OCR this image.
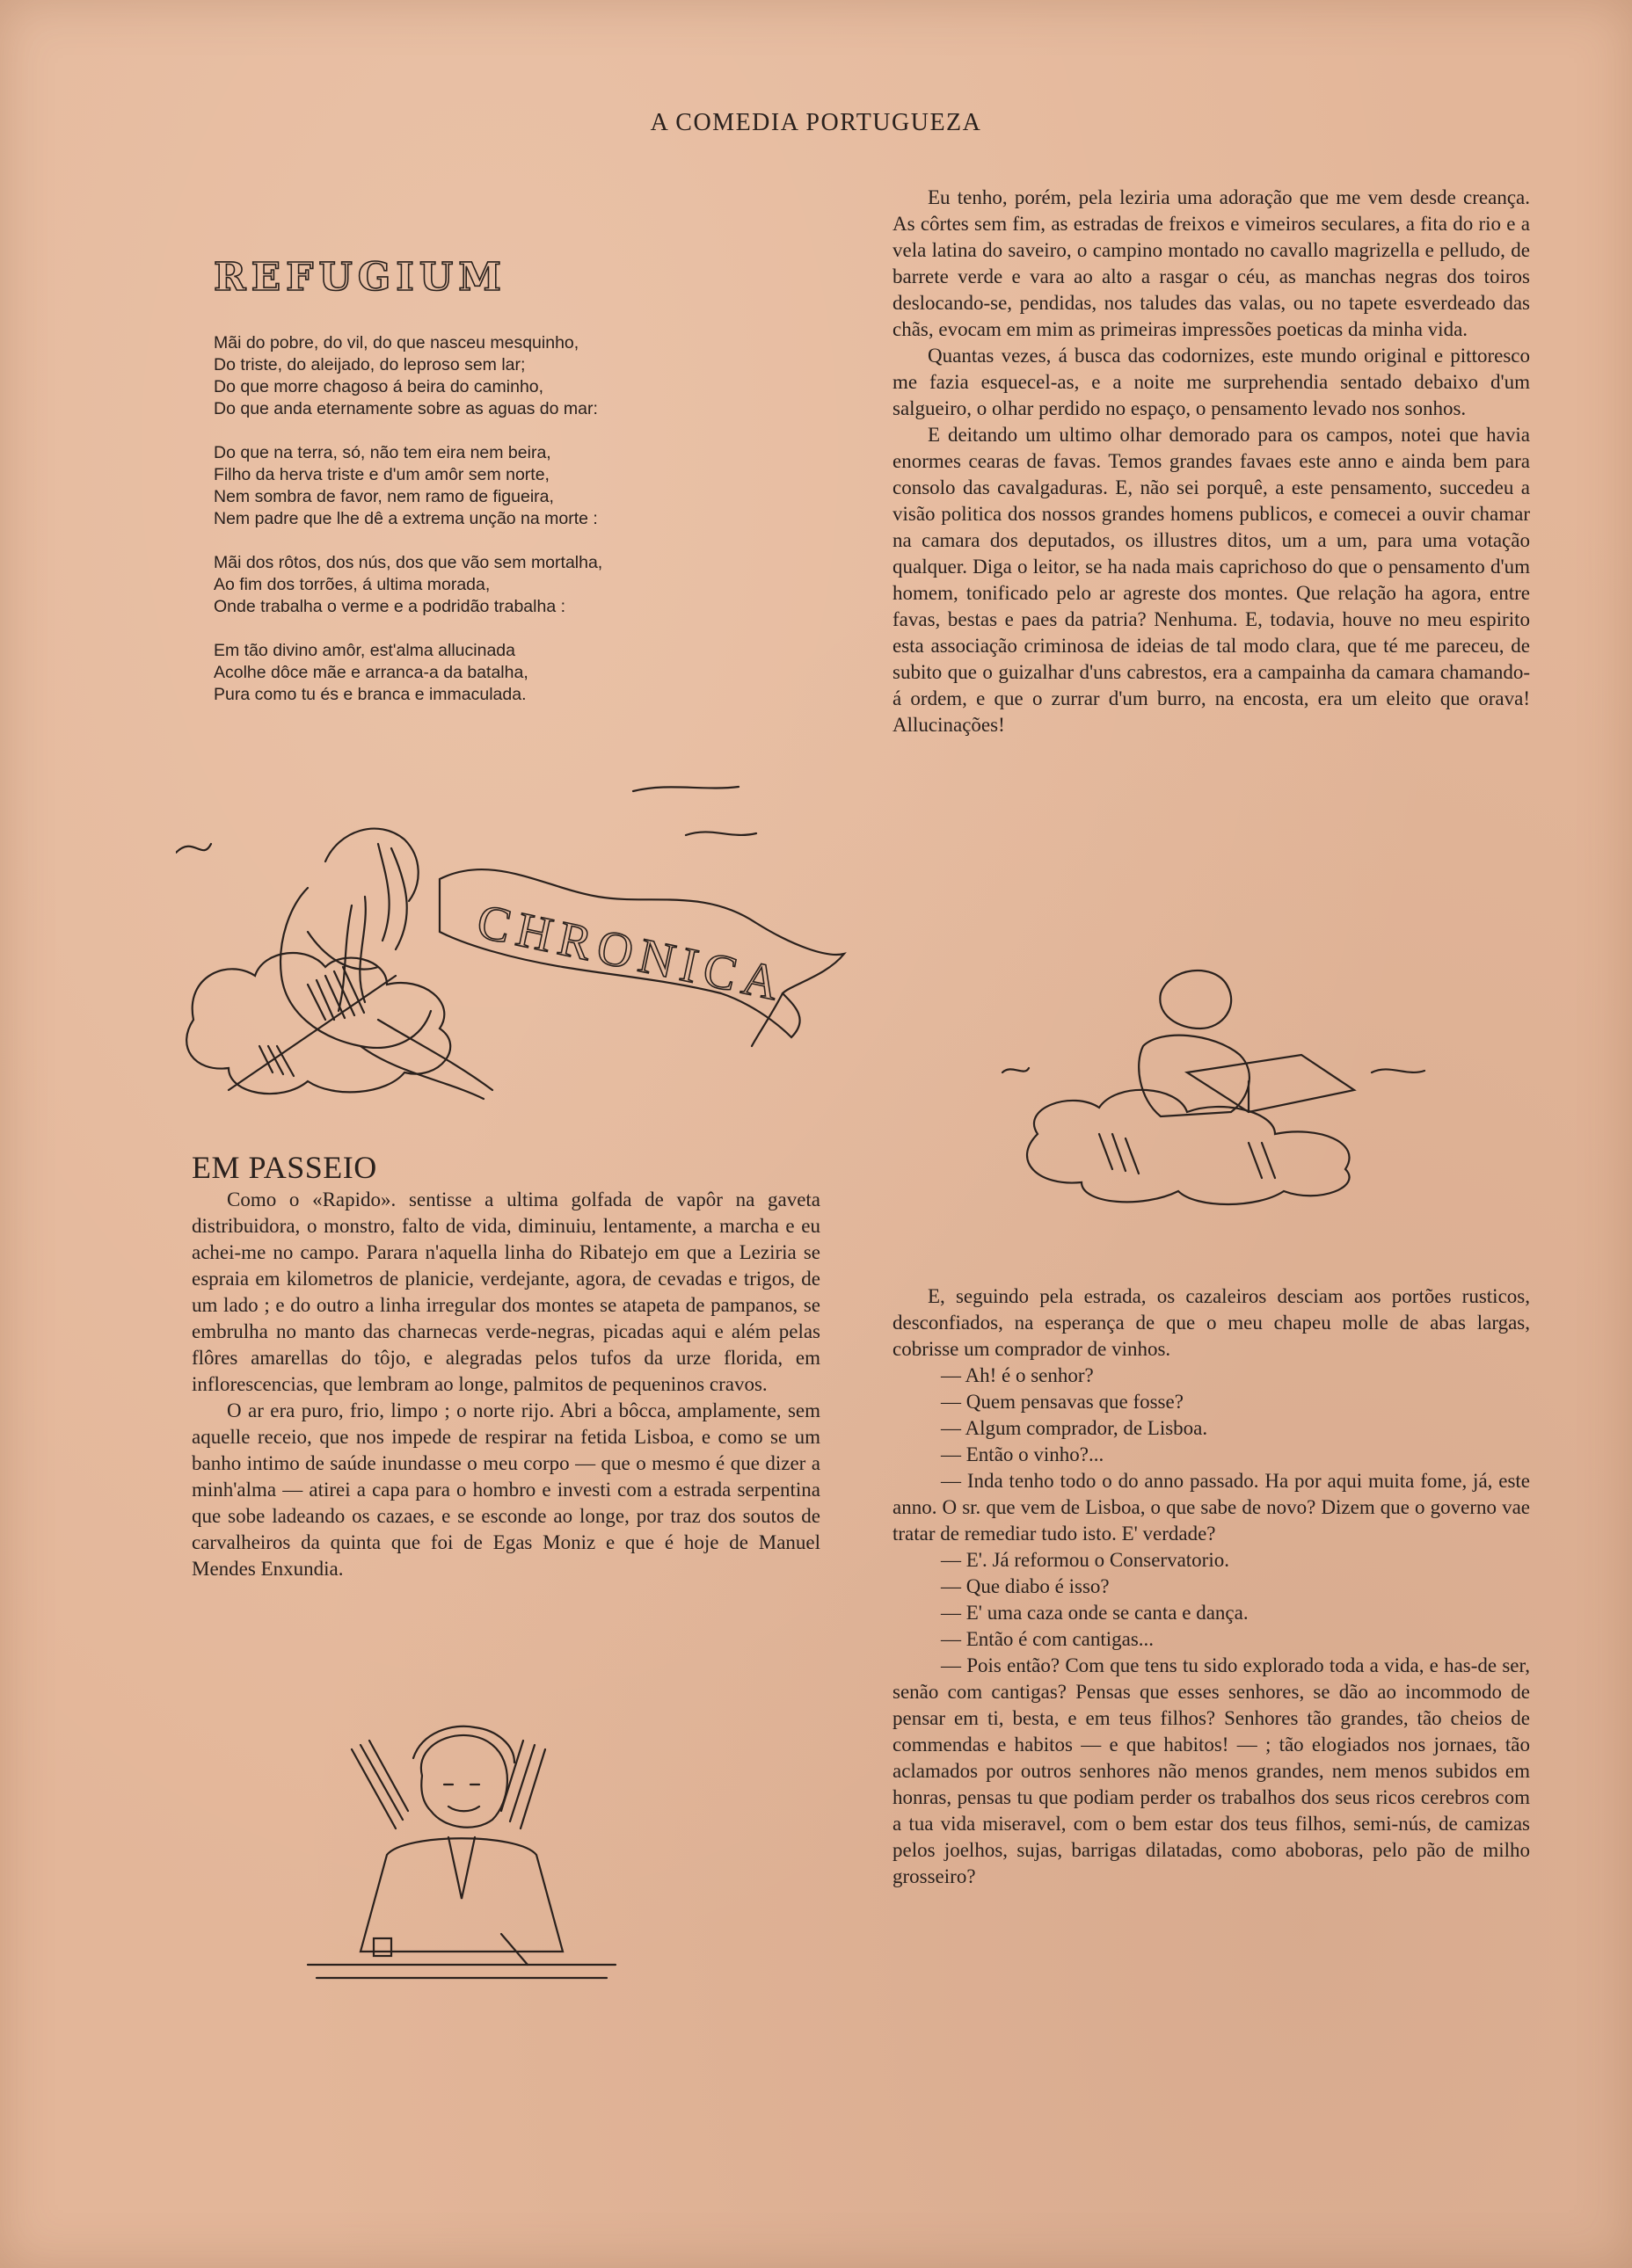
A COMEDIA PORTUGUEZA
REFUGIUM
Mãi do pobre, do vil, do que nasceu mesquinho,
Do triste, do aleijado, do leproso sem lar;
Do que morre chagoso á beira do caminho,
Do que anda eternamente sobre as aguas do mar:
Do que na terra, só, não tem eira nem beira,
Filho da herva triste e d'um amôr sem norte,
Nem sombra de favor, nem ramo de figueira,
Nem padre que lhe dê a extrema unção na morte :
Mãi dos rôtos, dos nús, dos que vão sem mortalha,
Ao fim dos torrões, á ultima morada,
Onde trabalha o verme e a podridão trabalha :
Em tão divino amôr, est'alma allucinada
Acolhe dôce mãe e arranca-a da batalha,
Pura como tu és e branca e immaculada.
CHRONICA
EM PASSEIO

Como o «Rapido». sentisse a ultima golfada de vapôr na gaveta distribuidora, o monstro, falto de vida, diminuiu, lentamente, a marcha e eu achei-me no campo. Parara n'aquella linha do Ribatejo em que a Leziria se espraia em kilometros de planicie, verdejante, agora, de cevadas e trigos, de um lado ; e do outro a linha irregular dos montes se atapeta de pampanos, se embrulha no manto das charnecas verde-negras, picadas aqui e além pelas flôres amarellas do tôjo, e alegradas pelos tufos da urze florida, em inflorescencias, que lembram ao longe, palmitos de pequeninos cravos.

O ar era puro, frio, limpo ; o norte rijo. Abri a bôcca, amplamente, sem aquelle receio, que nos impede de respirar na fetida Lisboa, e como se um banho intimo de saúde inundasse o meu corpo — que o mesmo é que dizer a minh'alma — atirei a capa para o hombro e investi com a estrada serpentina que sobe ladeando os cazaes, e se esconde ao longe, por traz dos soutos de carvalheiros da quinta que foi de Egas Moniz e que é hoje de Manuel Mendes Enxundia.

Eu tenho, porém, pela leziria uma adoração que me vem desde creança. As côrtes sem fim, as estradas de freixos e vimeiros seculares, a fita do rio e a vela latina do saveiro, o campino montado no cavallo magrizella e pelludo, de barrete verde e vara ao alto a rasgar o céu, as manchas negras dos toiros deslocando-se, pendidas, nos taludes das valas, ou no tapete esverdeado das chãs, evocam em mim as primeiras impressões poeticas da minha vida.

Quantas vezes, á busca das codornizes, este mundo original e pittoresco me fazia esquecel-as, e a noite me surprehendia sentado debaixo d'um salgueiro, o olhar perdido no espaço, o pensamento levado nos sonhos.

E deitando um ultimo olhar demorado para os campos, notei que havia enormes cearas de favas. Temos grandes favaes este anno e ainda bem para consolo das cavalgaduras. E, não sei porquê, a este pensamento, succedeu a visão politica dos nossos grandes homens publicos, e comecei a ouvir chamar na camara dos deputados, os illustres ditos, um a um, para uma votação qualquer. Diga o leitor, se ha nada mais caprichoso do que o pensamento d'um homem, tonificado pelo ar agreste dos montes. Que relação ha agora, entre favas, bestas e paes da patria? Nenhuma. E, todavia, houve no meu espirito esta associação criminosa de ideias de tal modo clara, que té me pareceu, de subito que o guizalhar d'uns cabrestos, era a campainha da camara chamando-á ordem, e que o zurrar d'um burro, na encosta, era um eleito que orava! Allucinações!

E, seguindo pela estrada, os cazaleiros desciam aos portões rusticos, desconfiados, na esperança de que o meu chapeu molle de abas largas, cobrisse um comprador de vinhos.

— Ah! é o senhor?

— Quem pensavas que fosse?

— Algum comprador, de Lisboa.

— Então o vinho?...

— Inda tenho todo o do anno passado. Ha por aqui muita fome, já, este anno. O sr. que vem de Lisboa, o que sabe de novo? Dizem que o governo vae tratar de remediar tudo isto. E' verdade?

— E'. Já reformou o Conservatorio.

— Que diabo é isso?

— E' uma caza onde se canta e dança.

— Então é com cantigas...

— Pois então? Com que tens tu sido explorado toda a vida, e has-de ser, senão com cantigas? Pensas que esses senhores, se dão ao incommodo de pensar em ti, besta, e em teus filhos? Senhores tão grandes, tão cheios de commendas e habitos — e que habitos! — ; tão elogiados nos jornaes, tão aclamados por outros senhores não menos grandes, nem menos subidos em honras, pensas tu que podiam perder os trabalhos dos seus ricos cerebros com a tua vida miseravel, com o bem estar dos teus filhos, semi-nús, de camizas pelos joelhos, sujas, barrigas dilatadas, como aboboras, pelo pão de milho grosseiro?
